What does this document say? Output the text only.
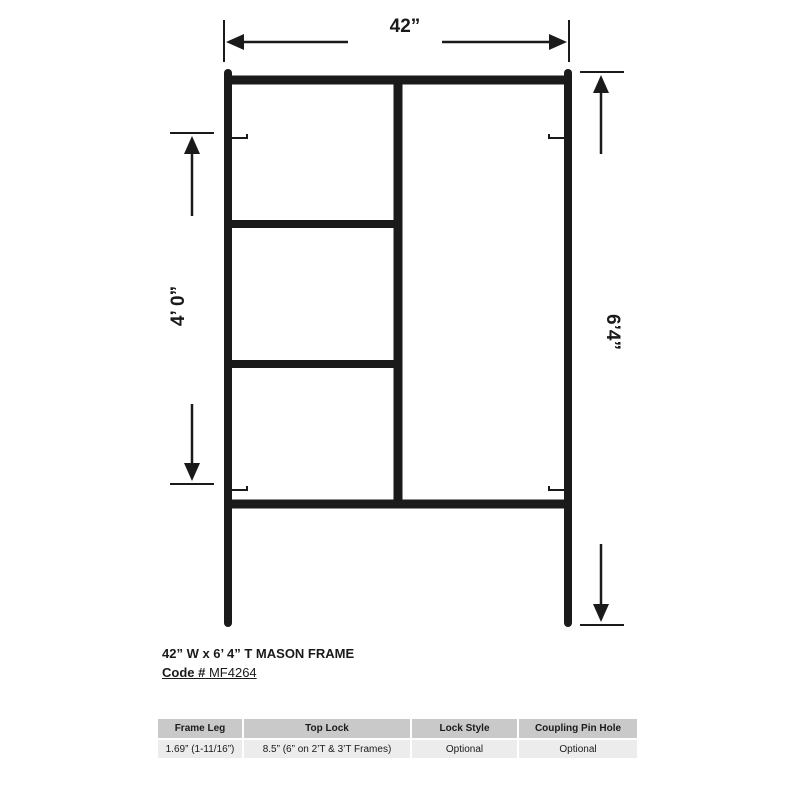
42”
4’ 0”
6’4”
42” W x 6’ 4” T MASON FRAME
Code # MF4264
Frame Leg	Top Lock	Lock Style	Coupling Pin Hole
1.69” (1-11/16”)	8.5” (6” on 2’T & 3’T Frames)	Optional	Optional
